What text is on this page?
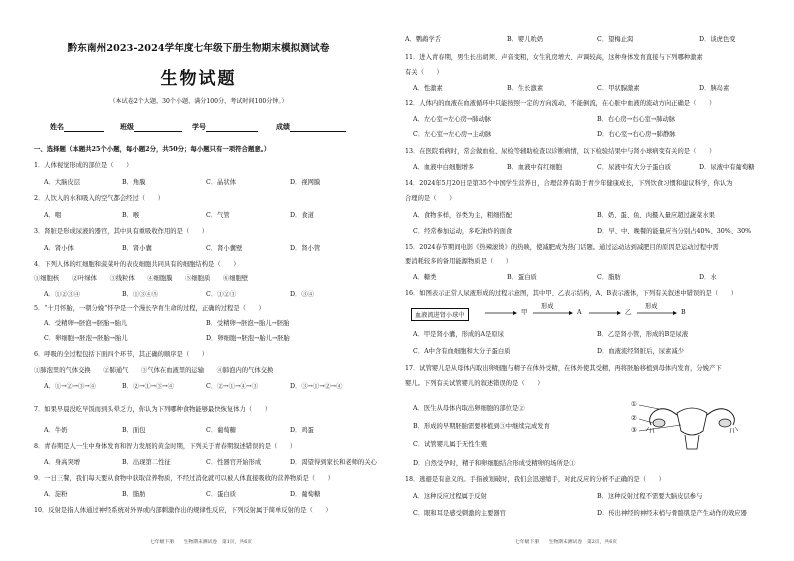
黔东南州2023-2024学年度七年级下册生物期末模拟测试卷
生物试题
（本试卷2个大题，30个小题，满分100分，考试时间100分钟。）
姓名	班级	学号	成绩
一、选择题（本题共25个小题，每小题2分，共50分；每小题只有一项符合题意。）
1．人体视觉形成的部位是（　　）
A．大脑皮层	B．角膜	C．晶状体	D．视网膜
2．人饮入的水和吸入的空气都会经过（　　）
A．咽	B．喉	C．气管	D．食道
3．肾脏是形成尿液的器官，其中具有重吸收作用的是（　　）
A．肾小体	B．肾小囊	C．肾小囊壁	D．肾小管
4．下列人体的红细胞和菠菜叶的表皮细胞共同具有的细胞结构是（　　）
①细胞核　　②叶绿体　　③线粒体　　④细胞膜　　⑤细胞质　　⑥细胞壁
A．①②③④	B．①③④⑤	C．①②③	D．③④
5．“十月怀胎，一朝分娩”怀孕是一个漫长孕育生命的过程，正确的过程是（　　）
A．受精卵→胚泡→胚胎→胎儿	B．受精卵→胚泡→胎儿→胚胎
C．卵细胞→胚泡→胚胎→胎儿	D．卵细胞→胚泡→胎儿→胚胎
6．呼吸的全过程包括下面四个环节，其正确的顺序是（　　）
①肺泡里的气体交换　　②肺通气　　③气体在血液里的运输　　④肺泡内的气体交换
A．①→②→③→④	B．②→①→③→④	C．②→①→④→③	D．③→①→②→④
7．如果早晨没吃早饭而到头晕乏力，你认为下列哪种食物能够最快恢复体力（　　）
A．牛奶	B．面包	C．葡萄糖	D．鸡蛋
8．青春期是人一生中身体发育和智力发展的黄金时期，下列关于青春期叙述错误的是（　　）
A．身高突增	B．出现第二性征	C．性器官开始形成	D．渴望得到家长和老师的关心
9．一日三餐，我们每天要从食物中获取营养物质，不经过消化就可以被人体直接吸收的营养物质是（　　）
A．淀粉	B．脂肪	C．蛋白质	D．葡萄糖
10．反射是指人体通过神经系统对外界或内部刺激作出的规律性反应，下列反射属于简单反射的是（　　）
七年级下册　　生物期末测试卷　第1页，共6页
A．鹦鹉学舌	B．婴儿吮奶	C．望梅止渴	D．谈虎色变
11．进入青春期，男生长出胡须、声音变粗，女生乳房增大、声调较高，这种身体发育直接与下列哪种激素
有关（　　）
A．性激素	B．生长激素	C．甲状腺激素	D．胰岛素
12．人体内的血液在血液循环中只能按照一定的方向流动，不能倒流，在心脏中血液的流动方向正确是（　　）
A．左心室→左心房→肺动脉	B．右心房→右心室→肺动脉
C．左心室→左心房→主动脉	D．右心室→右心房→肺静脉
13．在医院看病时，常会做血检、尿检等辅助检查以诊断病情，以下检验结果中与肾小球病变有关的是（　　）
A．血液中白细胞增多	B．血液中有红细胞	C．尿液中有大分子蛋白质	D．尿液中有葡萄糖
14．2024年5月20日是第35个中国学生营养日，合理营养有助于青少年健康成长，下列饮食习惯和建议科学，你认为
合理的是（　　）
A．食物多样，谷类为主，粗细搭配	B．奶、蛋、鱼、肉摄入量应超过蔬菜水果
C．经常参加运动，多吃油炸的面食	D．早、中、晚餐的能量应当分别占40%、30%、30%
15．2024春节期间电影《热辣滚烫》的热映，使减肥成为热门话题。通过运动达到减肥目的原因是运动过程中需
要消耗较多的备用能源物质是（　　）
A．糖类	B．蛋白质	C．脂肪	D．水
16．如图表示正常人尿液形成的过程示意图，其中甲、乙表示结构，A、B表示液体，下列有关叙述中错误的是（　　）
血液流进肾小球中	甲
形成
A	乙
形成
B
A．甲是肾小囊，形成的A是原尿	B．乙是肾小管，形成的B是尿液
C．A中含有血细胞和大分子蛋白质	D．血液流经肾脏后，尿素减少
17．试管婴儿是从母体内取出卵细胞与精子在体外受精，在体外使其受精，再将胚胎移植到母体内发育，分娩产下
婴儿。下列有关试管婴儿的叙述错误的是（　　）
A．医生从母体内取出卵细胞的部位是②
B．形成的早期胚胎需要移植到③中继续完成发育
C．试管婴儿属于无性生殖
D．自然受孕时，精子和卵细胞结合形成受精卵的场所是①
①
②
③
18．逃避是有意义的。手指被划破时，我们会迅速缩手，对此反应的分析不正确的是（　　）
A．这种反应过程属于反射	B．这种反射过程不需要大脑皮层参与
C．眼和耳是感受刺激的主要器官	D．传出神经的神经末梢与骨骼肌是产生动作的效应器
七年级下册　　生物期末测试卷　第2页，共6页
